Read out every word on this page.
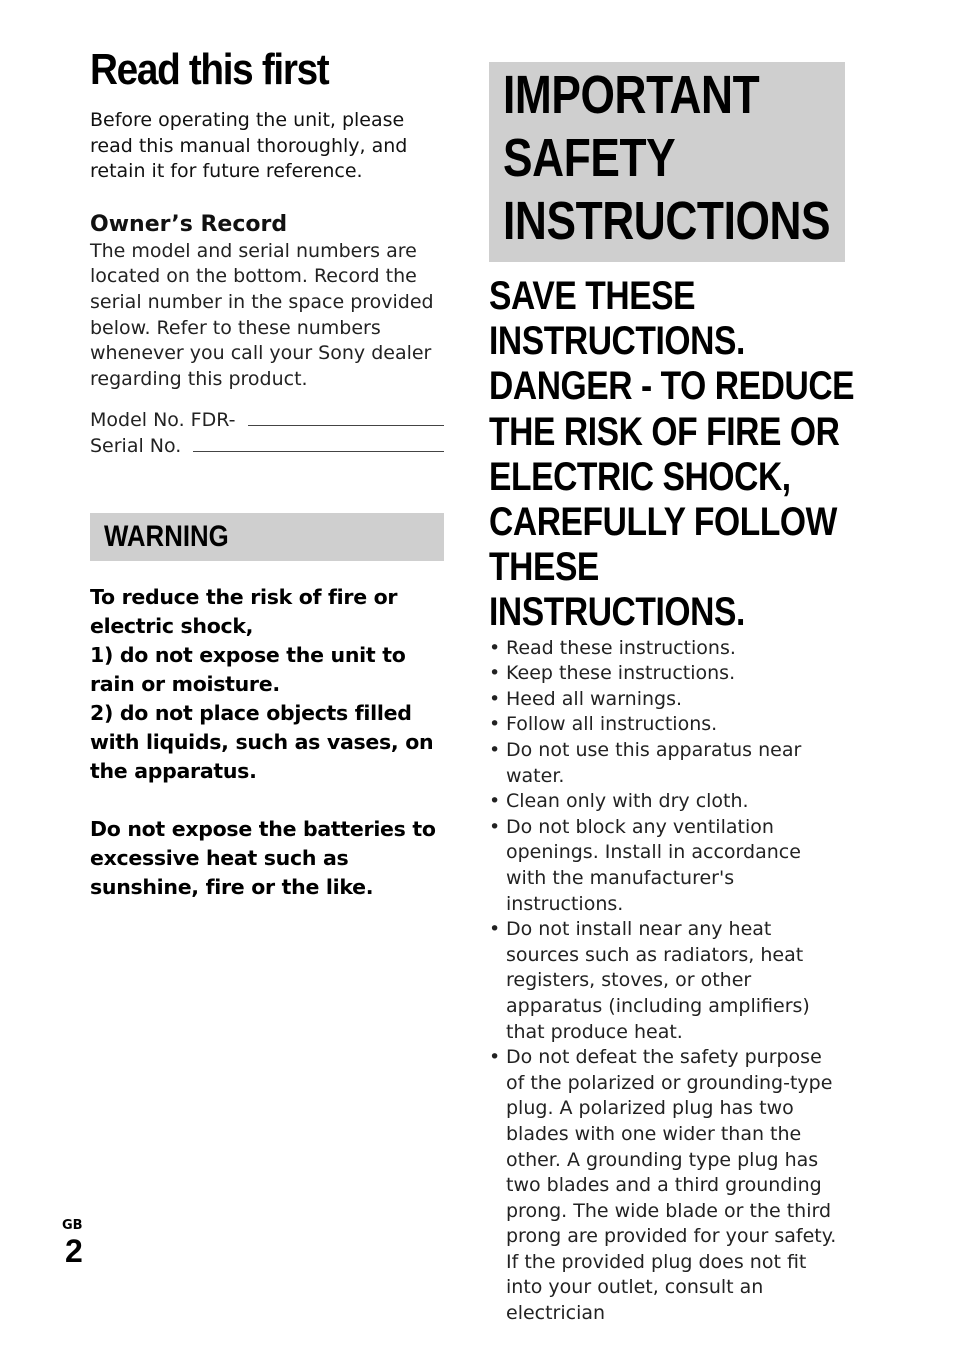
Read this first

Before operating the unit, please read this manual thoroughly, and retain it for future reference.

Owner’s Record

The model and serial numbers are located on the bottom. Record the serial number in the space provided below. Refer to these numbers whenever you call your Sony dealer regarding this product.

Model No. FDR-
Serial No.
WARNING

To reduce the risk of fire or electric shock,
1) do not expose the unit to rain or moisture.
2) do not place objects filled with liquids, such as vases, on the apparatus.

Do not expose the batteries to excessive heat such as sunshine, fire or the like.

IMPORTANT
SAFETY
INSTRUCTIONS
SAVE THESE
INSTRUCTIONS.
DANGER - TO REDUCE
THE RISK OF FIRE OR
ELECTRIC SHOCK,
CAREFULLY FOLLOW
THESE
INSTRUCTIONS.
• Read these instructions.
• Keep these instructions.
• Heed all warnings.
• Follow all instructions.
• Do not use this apparatus near water.
• Clean only with dry cloth.
• Do not block any ventilation openings. Install in accordance with the manufacturer's instructions.
• Do not install near any heat sources such as radiators, heat registers, stoves, or other apparatus (including amplifiers) that produce heat.
• Do not defeat the safety purpose of the polarized or grounding-type plug. A polarized plug has two blades with one wider than the other. A grounding type plug has two blades and a third grounding prong. The wide blade or the third prong are provided for your safety. If the provided plug does not fit into your outlet, consult an electrician
GB
2
